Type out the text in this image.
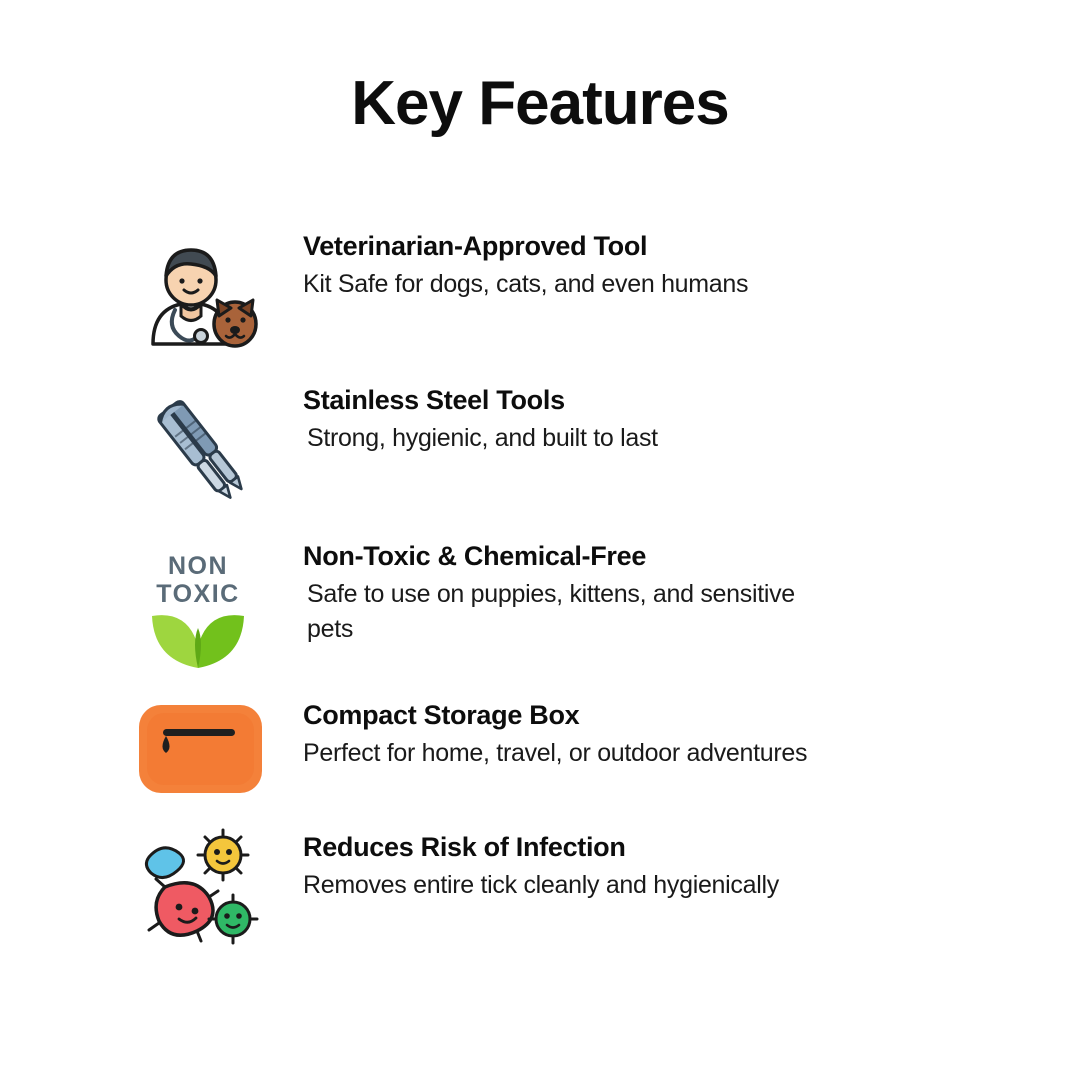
Key Features
Veterinarian-Approved Tool
Kit Safe for dogs, cats, and even humans
Stainless Steel Tools
Strong, hygienic, and built to last
NON
TOXIC
Non-Toxic & Chemical-Free
Safe to use on puppies, kittens, and sensitive pets
Compact Storage Box
Perfect for home, travel, or outdoor adventures
Reduces Risk of Infection
Removes entire tick cleanly and hygienically
